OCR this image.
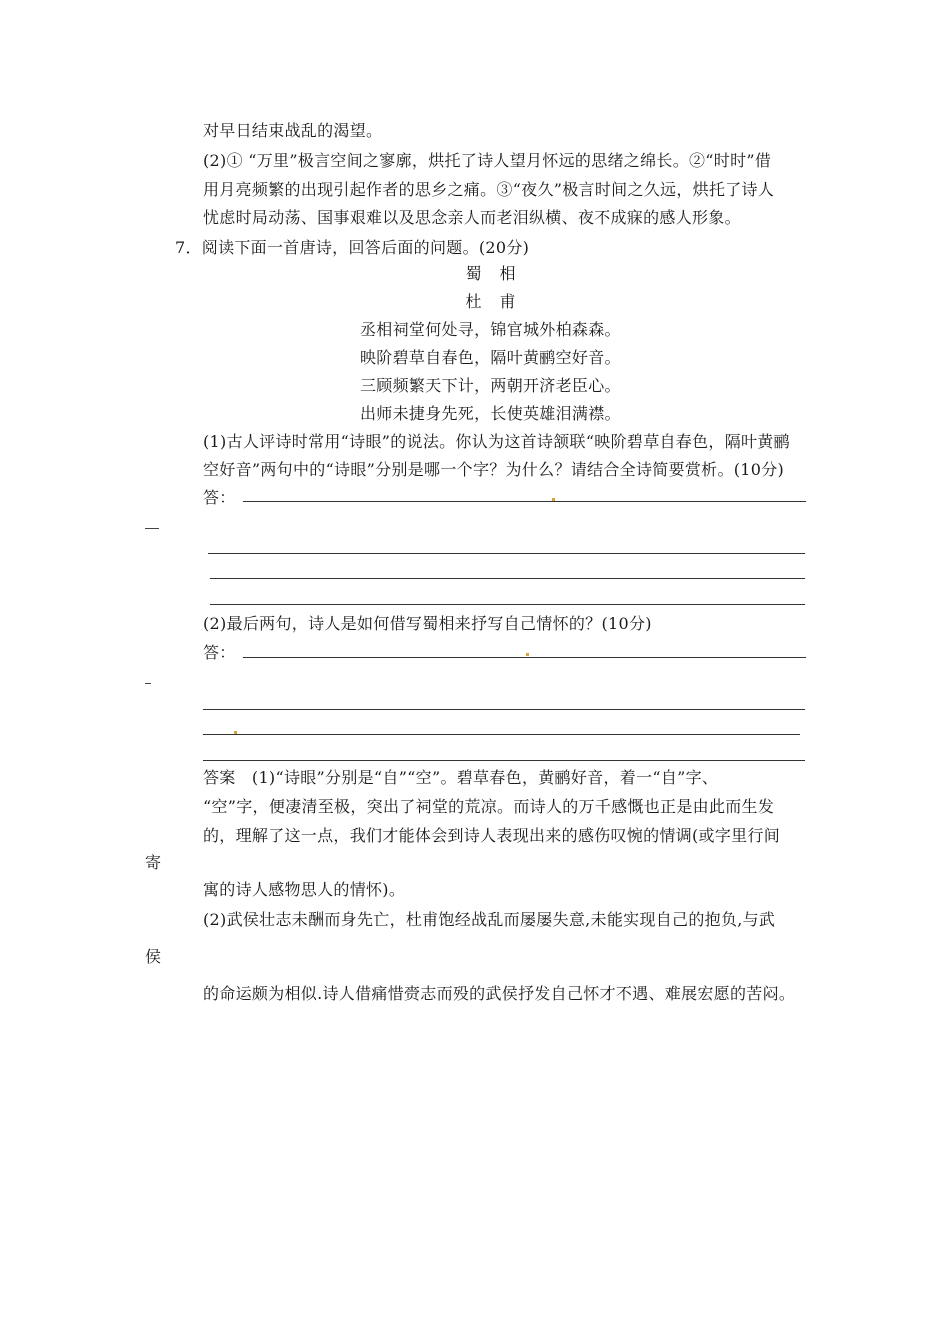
对早日结束战乱的渴望。
(2)① “万里”极言空间之寥廓，烘托了诗人望月怀远的思绪之绵长。②“时时”借
用月亮频繁的出现引起作者的思乡之痛。③“夜久”极言时间之久远，烘托了诗人
忧虑时局动荡、国事艰难以及思念亲人而老泪纵横、夜不成寐的感人形象。
7．阅读下面一首唐诗，回答后面的问题。(20分)
蜀　相
杜　甫
丞相祠堂何处寻，锦官城外柏森森。
映阶碧草自春色，隔叶黄鹂空好音。
三顾频繁天下计，两朝开济老臣心。
出师未捷身先死，长使英雄泪满襟。
(1)古人评诗时常用“诗眼”的说法。你认为这首诗颔联“映阶碧草自春色，隔叶黄鹂
空好音”两句中的“诗眼”分别是哪一个字？为什么？请结合全诗简要赏析。(10分)
答：
(2)最后两句，诗人是如何借写蜀相来抒写自己情怀的？(10分)
答：
答案　(1)“诗眼”分别是“自”“空”。碧草春色，黄鹂好音，着一“自”字、
“空”字，便凄清至极，突出了祠堂的荒凉。而诗人的万千感慨也正是由此而生发
的，理解了这一点，我们才能体会到诗人表现出来的感伤叹惋的情调(或字里行间
寄
寓的诗人感物思人的情怀)。
(2)武侯壮志未酬而身先亡，杜甫饱经战乱而屡屡失意,未能实现自己的抱负,与武
侯
的命运颇为相似.诗人借痛惜赍志而殁的武侯抒发自己怀才不遇、难展宏愿的苦闷。
